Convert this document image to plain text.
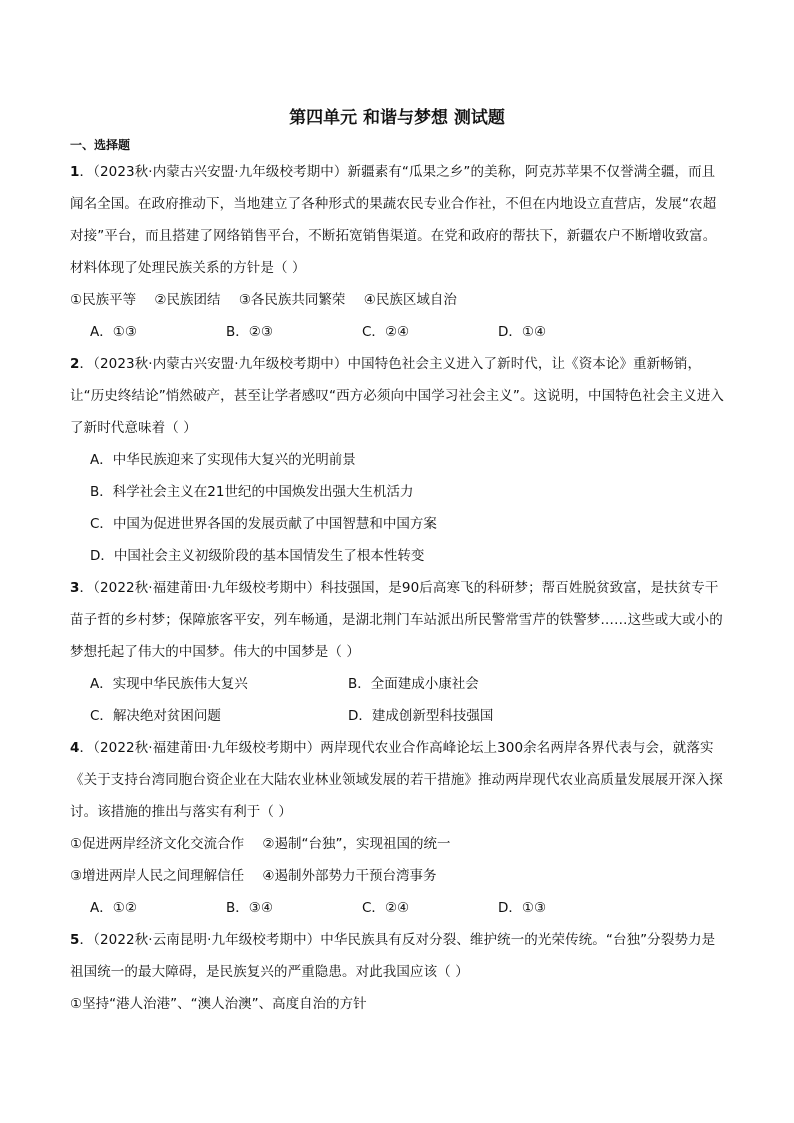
第四单元 和谐与梦想 测试题
一、选择题
1．（2023秋·内蒙古兴安盟·九年级校考期中）新疆素有“瓜果之乡”的美称，阿克苏苹果不仅誉满全疆，而且闻名全国。在政府推动下，当地建立了各种形式的果蔬农民专业合作社，不但在内地设立直营店，发展“农超对接”平台，而且搭建了网络销售平台，不断拓宽销售渠道。在党和政府的帮扶下，新疆农户不断增收致富。材料体现了处理民族关系的方针是（ ）
①民族平等 ②民族团结 ③各民族共同繁荣 ④民族区域自治
A．①③	B．②③	C．②④	D．①④
2．（2023秋·内蒙古兴安盟·九年级校考期中）中国特色社会主义进入了新时代，让《资本论》重新畅销，让“历史终结论”悄然破产，甚至让学者感叹“西方必须向中国学习社会主义”。这说明，中国特色社会主义进入了新时代意味着（ ）
A．中华民族迎来了实现伟大复兴的光明前景
B．科学社会主义在21世纪的中国焕发出强大生机活力
C．中国为促进世界各国的发展贡献了中国智慧和中国方案
D．中国社会主义初级阶段的基本国情发生了根本性转变
3．（2022秋·福建莆田·九年级校考期中）科技强国，是90后高寒飞的科研梦；帮百姓脱贫致富，是扶贫专干苗子哲的乡村梦；保障旅客平安，列车畅通，是湖北荆门车站派出所民警常雪芹的铁警梦……这些或大或小的梦想托起了伟大的中国梦。伟大的中国梦是（ ）
A．实现中华民族伟大复兴	B．全面建成小康社会
C．解决绝对贫困问题	D．建成创新型科技强国
4．（2022秋·福建莆田·九年级校考期中）两岸现代农业合作高峰论坛上300余名两岸各界代表与会，就落实《关于支持台湾同胞台资企业在大陆农业林业领域发展的若干措施》推动两岸现代农业高质量发展展开深入探讨。该措施的推出与落实有利于（ ）
①促进两岸经济文化交流合作 ②遏制“台独”，实现祖国的统一
③增进两岸人民之间理解信任 ④遏制外部势力干预台湾事务
A．①②	B．③④	C．②④	D．①③
5．（2022秋·云南昆明·九年级校考期中）中华民族具有反对分裂、维护统一的光荣传统。“台独”分裂势力是祖国统一的最大障碍，是民族复兴的严重隐患。对此我国应该（ ）
①坚持“港人治港”、“澳人治澳”、高度自治的方针
